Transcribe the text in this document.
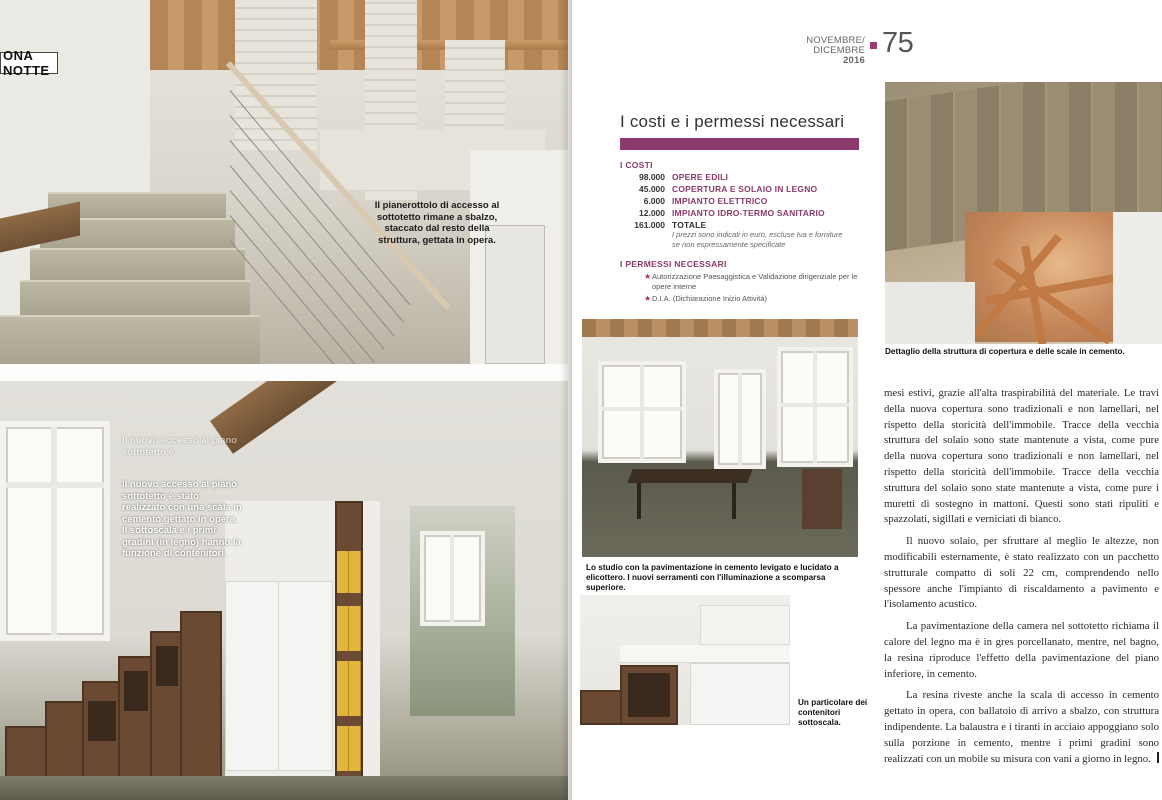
Il pianerottolo di accesso al sottotetto rimane a sbalzo, staccato dal resto della struttura, gettata in opera.
ONA NOTTE
Il nuovo accesso al piano sottotetto è
Il nuovo accesso al piano sottotetto è stato realizzato con una scala in cemento gettato in opera. Il sottoscala e i primi gradini (in legno) hanno la funzione di contenitori.
NOVEMBRE/
DICEMBRE
2016
75
I costi e i permessi necessari
I COSTI
98.000 OPERE EDILI
45.000 COPERTURA E SOLAIO IN LEGNO
6.000 IMPIANTO ELETTRICO
12.000 IMPIANTO IDRO-TERMO SANITARIO
161.000 TOTALE
I prezzi sono indicati in euro, escluse Iva e forniture se non espressamente specificate
I PERMESSI NECESSARI
★ Autorizzazione Paesaggistica e Validazione dirigenziale per le opere interne
★ D.I.A. (Dichiarazione Inizio Attività)
Dettaglio della struttura di copertura e delle scale in cemento.
Lo studio con la pavimentazione in cemento levigato e lucidato a elicottero. I nuovi serramenti con l'illuminazione a scomparsa superiore.
Un particolare dei contenitori sottoscala.

mesi estivi, grazie all'alta traspirabilità del materiale. Le travi della nuova copertura sono tradizionali e non lamellari, nel rispetto della storicità dell'immobile. Tracce della vecchia struttura del solaio sono state mantenute a vista, come pure della nuova copertura sono tradizionali e non lamellari, nel rispetto della storicità dell'immobile. Tracce della vecchia struttura del solaio sono state mantenute a vista, come pure i muretti di sostegno in mattoni. Questi sono stati ripuliti e spazzolati, sigillati e verniciati di bianco.

Il nuovo solaio, per sfruttare al meglio le altezze, non modificabili esternamente, è stato realizzato con un pacchetto strutturale compatto di soli 22 cm, comprendendo nello spessore anche l'impianto di riscaldamento a pavimento e l'isolamento acustico.

La pavimentazione della camera nel sottotetto richiama il calore del legno ma è in gres porcellanato, mentre, nel bagno, la resina riproduce l'effetto della pavimentazione del piano inferiore, in cemento.

La resina riveste anche la scala di accesso in cemento gettato in opera, con ballatoio di arrivo a sbalzo, con struttura indipendente. La balaustra e i tiranti in acciaio appoggiano solo sulla porzione in cemento, mentre i primi gradini sono realizzati con un mobile su misura con vani a giorno in legno.
